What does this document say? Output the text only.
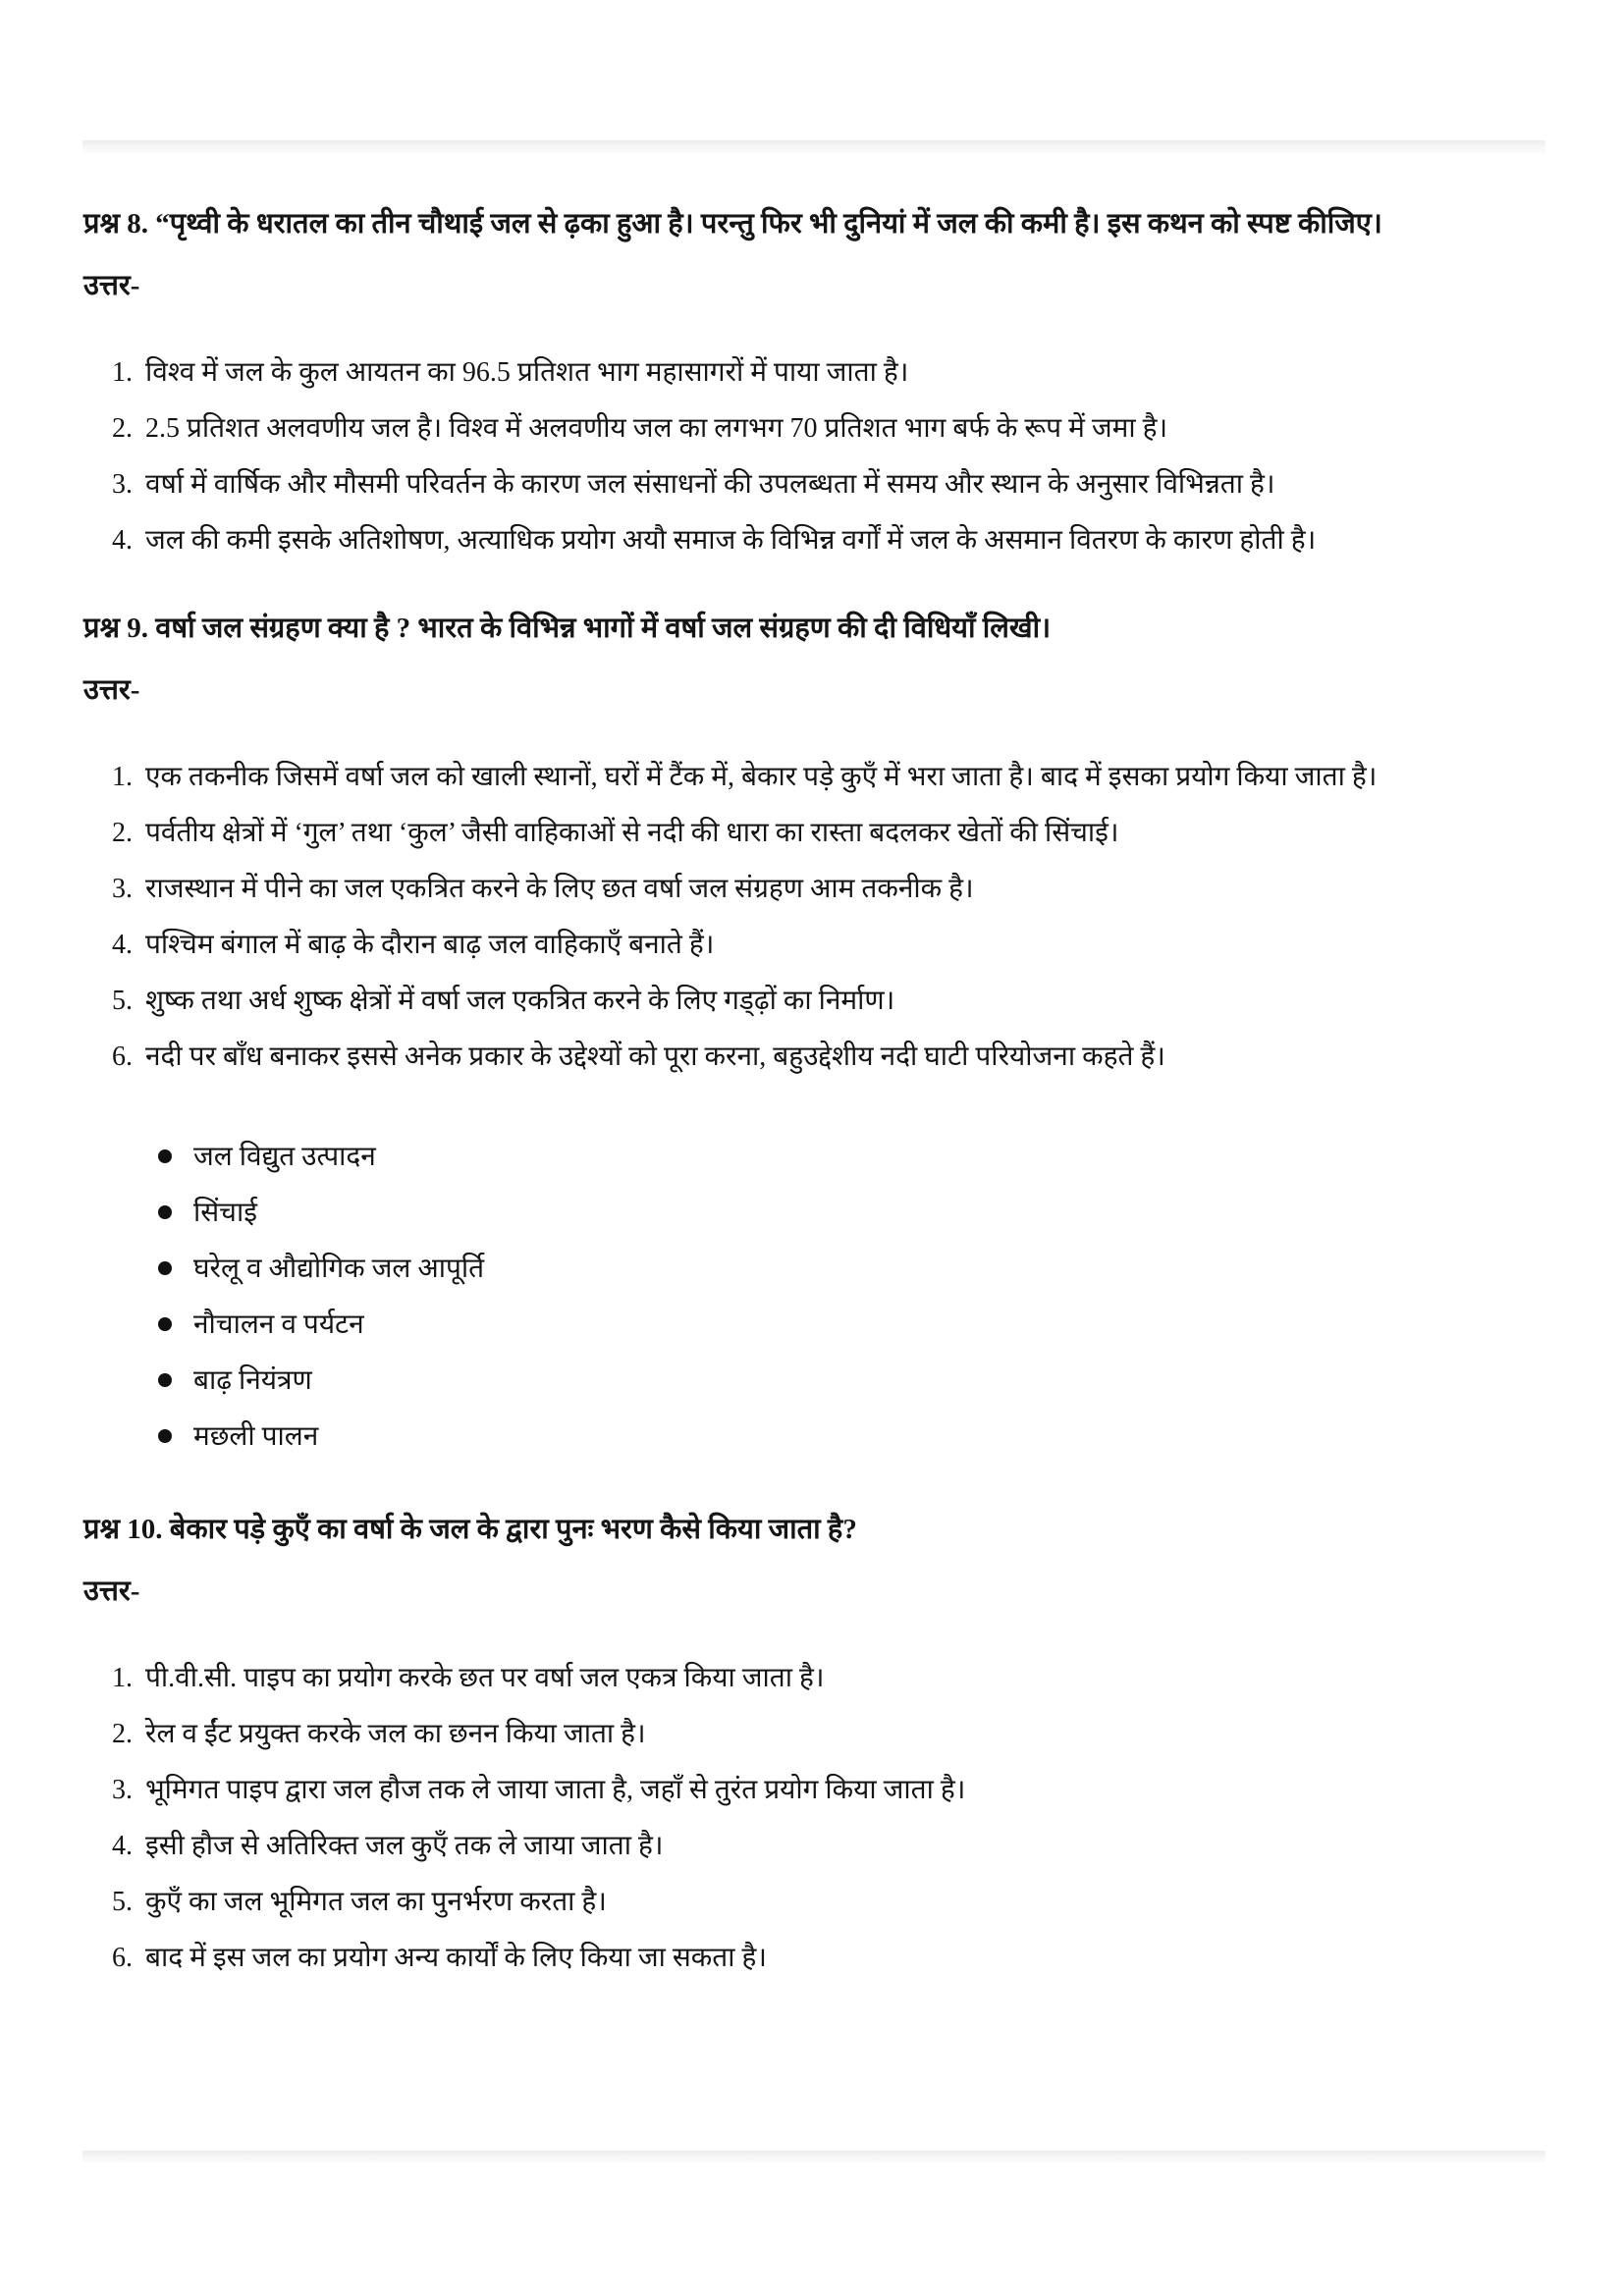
प्रश्न 8. “पृथ्वी के धरातल का तीन चौथाई जल से ढ़का हुआ है। परन्तु फिर भी दुनियां में जल की कमी है। इस कथन को स्पष्ट कीजिए।

उत्तर-

1. विश्व में जल के कुल आयतन का 96.5 प्रतिशत भाग महासागरों में पाया जाता है।
2. 2.5 प्रतिशत अलवणीय जल है। विश्व में अलवणीय जल का लगभग 70 प्रतिशत भाग बर्फ के रूप में जमा है।
3. वर्षा में वार्षिक और मौसमी परिवर्तन के कारण जल संसाधनों की उपलब्धता में समय और स्थान के अनुसार विभिन्नता है।
4. जल की कमी इसके अतिशोषण, अत्याधिक प्रयोग अयौ समाज के विभिन्न वर्गों में जल के असमान वितरण के कारण होती है।

प्रश्न 9. वर्षा जल संग्रहण क्या है ? भारत के विभिन्न भागों में वर्षा जल संग्रहण की दी विधियाँ लिखी।

उत्तर-

1. एक तकनीक जिसमें वर्षा जल को खाली स्थानों, घरों में टैंक में, बेकार पड़े कुएँ में भरा जाता है। बाद में इसका प्रयोग किया जाता है।
2. पर्वतीय क्षेत्रों में ‘गुल’ तथा ‘कुल’ जैसी वाहिकाओं से नदी की धारा का रास्ता बदलकर खेतों की सिंचाई।
3. राजस्थान में पीने का जल एकत्रित करने के लिए छत वर्षा जल संग्रहण आम तकनीक है।
4. पश्चिम बंगाल में बाढ़ के दौरान बाढ़ जल वाहिकाएँ बनाते हैं।
5. शुष्क तथा अर्ध शुष्क क्षेत्रों में वर्षा जल एकत्रित करने के लिए गड्ढ़ों का निर्माण।
6. नदी पर बाँध बनाकर इससे अनेक प्रकार के उद्देश्यों को पूरा करना, बहुउद्देशीय नदी घाटी परियोजना कहते हैं।
जल विद्युत उत्पादन
सिंचाई
घरेलू व औद्योगिक जल आपूर्ति
नौचालन व पर्यटन
बाढ़ नियंत्रण
मछली पालन

प्रश्न 10. बेकार पड़े कुएँ का वर्षा के जल के द्वारा पुनः भरण कैसे किया जाता है?

उत्तर-

1. पी.वी.सी. पाइप का प्रयोग करके छत पर वर्षा जल एकत्र किया जाता है।
2. रेल व ईंट प्रयुक्त करके जल का छनन किया जाता है।
3. भूमिगत पाइप द्वारा जल हौज तक ले जाया जाता है, जहाँ से तुरंत प्रयोग किया जाता है।
4. इसी हौज से अतिरिक्त जल कुएँ तक ले जाया जाता है।
5. कुएँ का जल भूमिगत जल का पुनर्भरण करता है।
6. बाद में इस जल का प्रयोग अन्य कार्यों के लिए किया जा सकता है।
